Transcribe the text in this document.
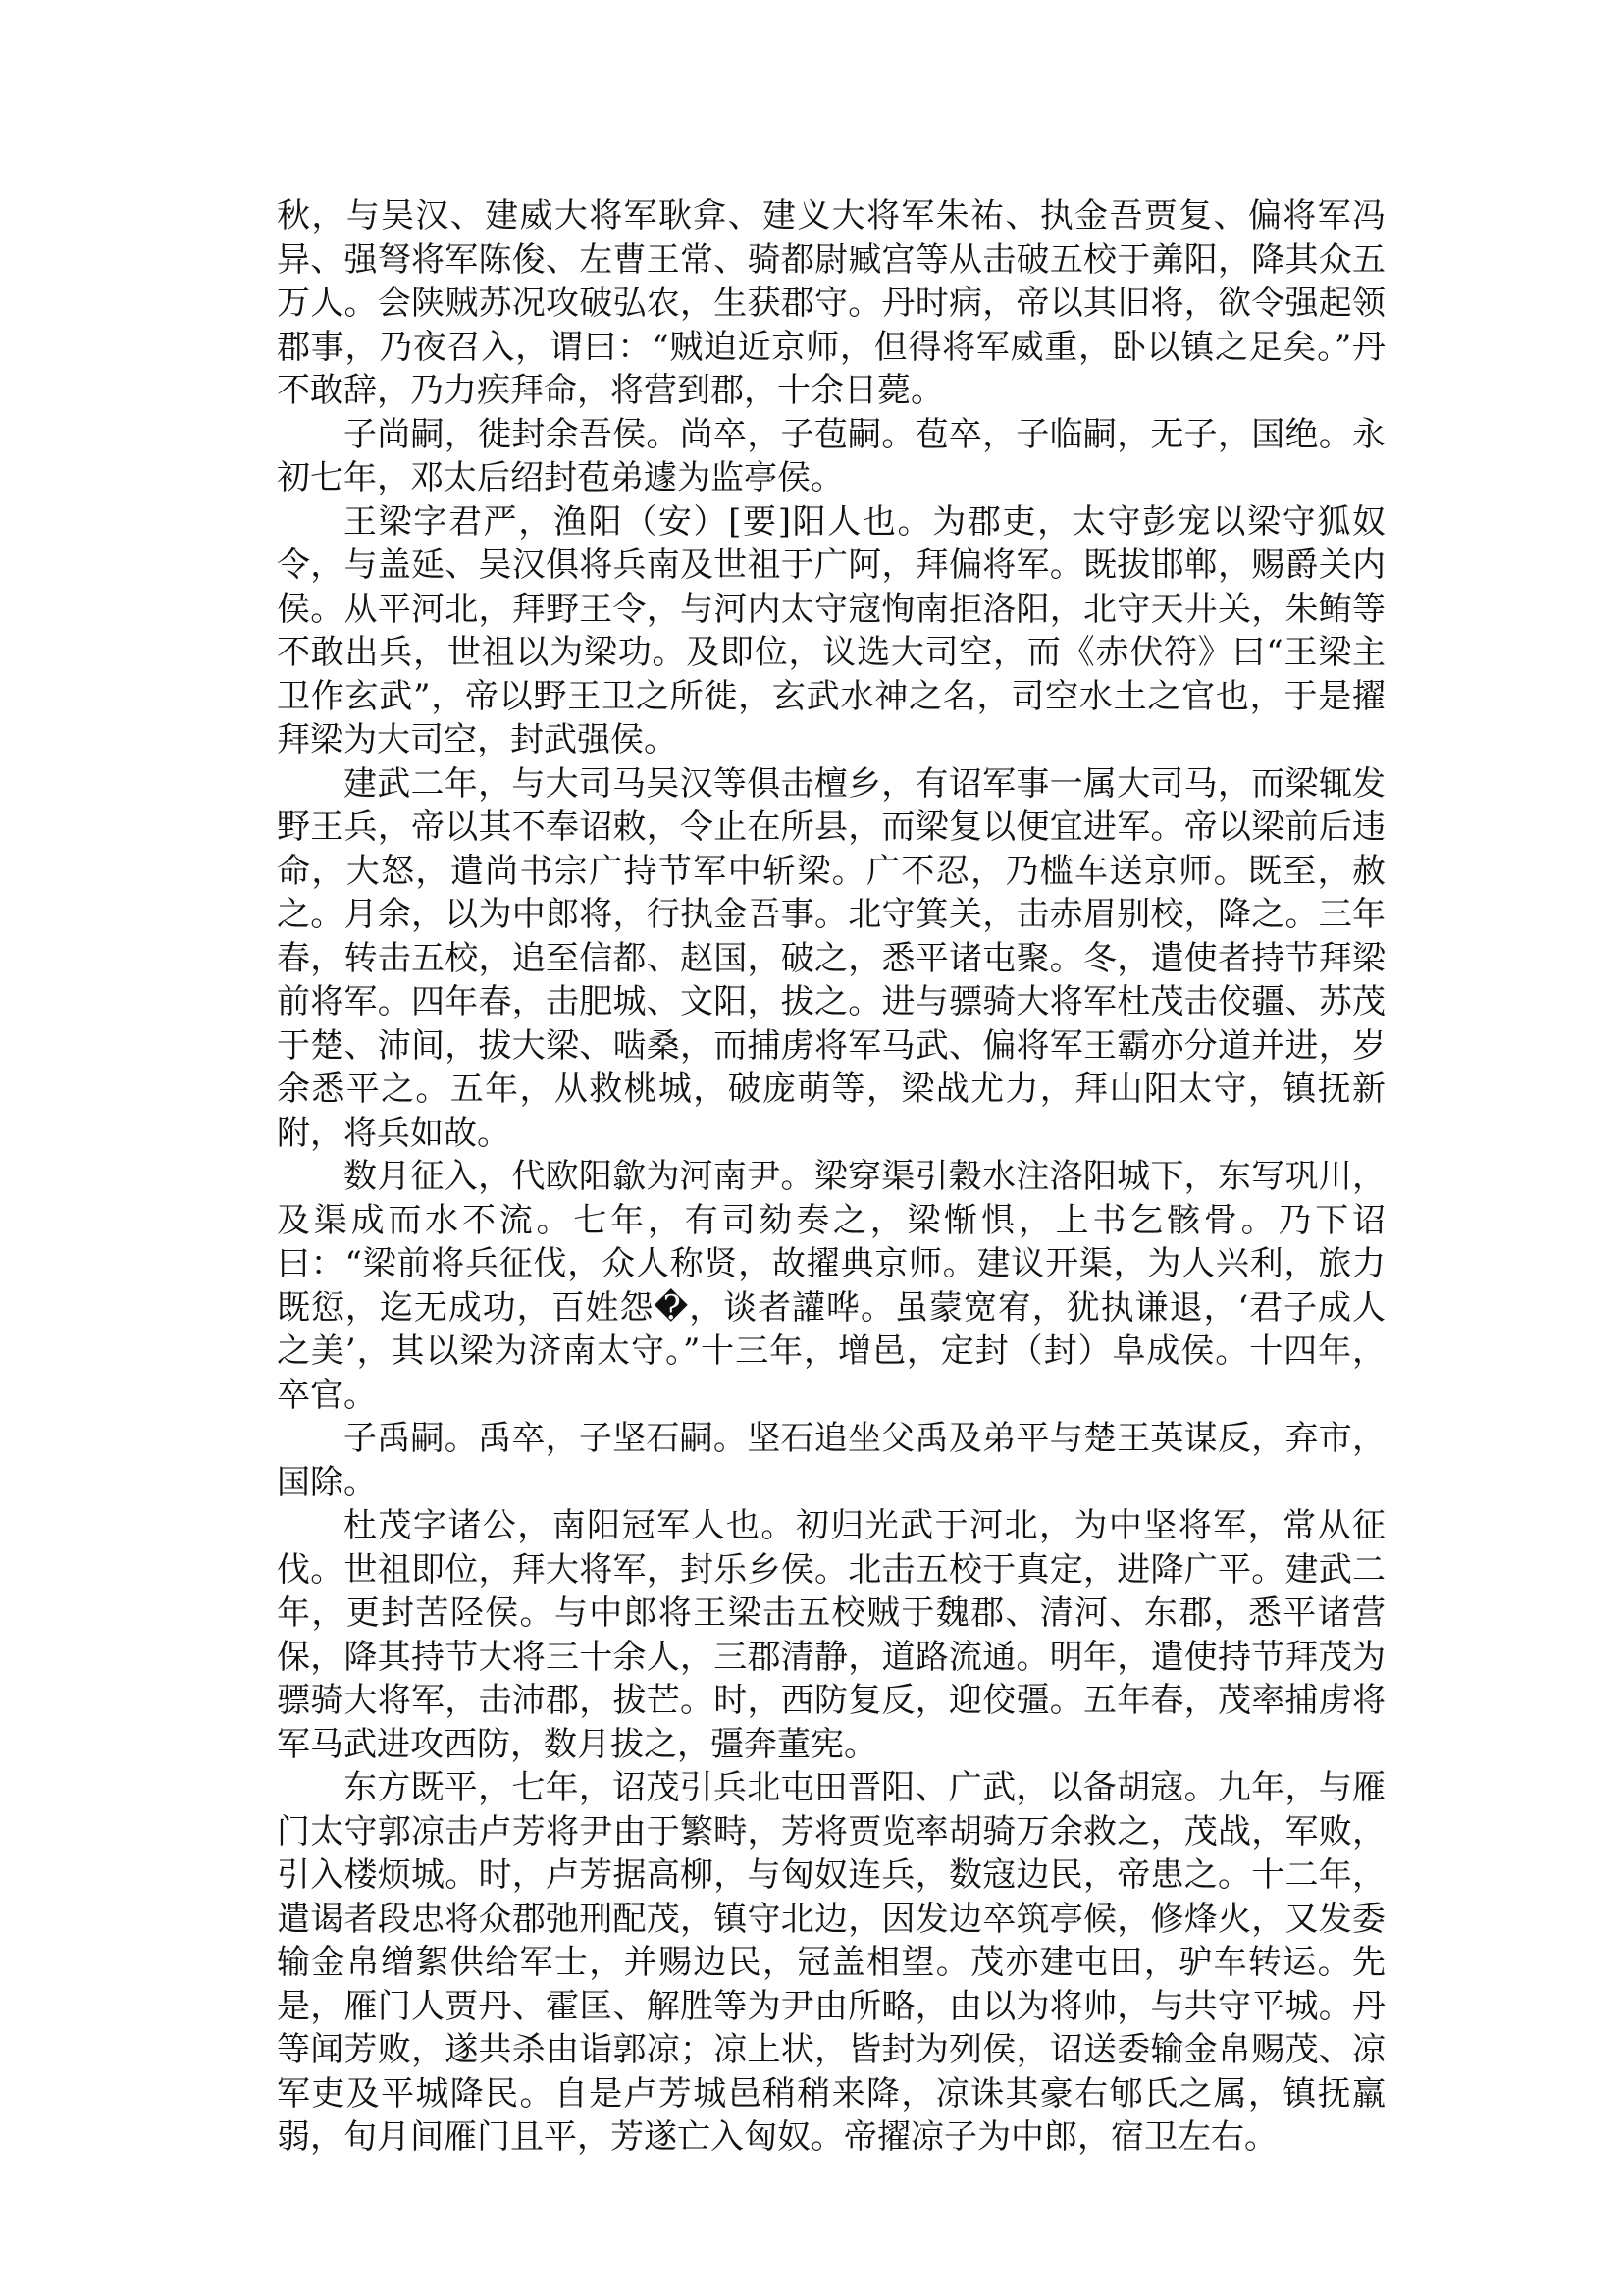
秋，与吴汉、建威大将军耿弇、建义大将军朱祐、执金吾贾复、偏将军冯异、强弩将军陈俊、左曹王常、骑都尉臧宫等从击破五校于羛阳，降其众五万人。会陕贼苏况攻破弘农，生获郡守。丹时病，帝以其旧将，欲令强起领郡事，乃夜召入，谓曰：“贼迫近京师，但得将军威重，卧以镇之足矣。”丹不敢辞，乃力疾拜命，将营到郡，十余日薨。

子尚嗣，徙封余吾侯。尚卒，子苞嗣。苞卒，子临嗣，无子，国绝。永初七年，邓太后绍封苞弟遽为监亭侯。

王梁字君严，渔阳（安）[要]阳人也。为郡吏，太守彭宠以梁守狐奴令，与盖延、吴汉俱将兵南及世祖于广阿，拜偏将军。既拔邯郸，赐爵关内侯。从平河北，拜野王令，与河内太守寇恂南拒洛阳，北守天井关，朱鲔等不敢出兵，世祖以为梁功。及即位，议选大司空，而《赤伏符》曰“王梁主卫作玄武”，帝以野王卫之所徙，玄武水神之名，司空水土之官也，于是擢拜梁为大司空，封武强侯。

建武二年，与大司马吴汉等俱击檀乡，有诏军事一属大司马，而梁辄发野王兵，帝以其不奉诏敕，令止在所县，而梁复以便宜进军。帝以梁前后违命，大怒，遣尚书宗广持节军中斩梁。广不忍，乃槛车送京师。既至，赦之。月余，以为中郎将，行执金吾事。北守箕关，击赤眉别校，降之。三年春，转击五校，追至信都、赵国，破之，悉平诸屯聚。冬，遣使者持节拜梁前将军。四年春，击肥城、文阳，拔之。进与骠骑大将军杜茂击佼疆、苏茂于楚、沛间，拔大梁、啮桑，而捕虏将军马武、偏将军王霸亦分道并进，岁余悉平之。五年，从救桃城，破庞萌等，梁战尤力，拜山阳太守，镇抚新附，将兵如故。

数月征入，代欧阳歙为河南尹。梁穿渠引穀水注洛阳城下，东写巩川，及渠成而水不流。七年，有司劾奏之，梁惭惧，上书乞骸骨。乃下诏曰：“梁前将兵征伐，众人称贤，故擢典京师。建议开渠，为人兴利，旅力既愆，迄无成功，百姓怨�，谈者讙哗。虽蒙宽宥，犹执谦退，‘君子成人之美’，其以梁为济南太守。”十三年，增邑，定封（封）阜成侯。十四年，卒官。

子禹嗣。禹卒，子坚石嗣。坚石追坐父禹及弟平与楚王英谋反，弃市，国除。

杜茂字诸公，南阳冠军人也。初归光武于河北，为中坚将军，常从征伐。世祖即位，拜大将军，封乐乡侯。北击五校于真定，进降广平。建武二年，更封苦陉侯。与中郎将王梁击五校贼于魏郡、清河、东郡，悉平诸营保，降其持节大将三十余人，三郡清静，道路流通。明年，遣使持节拜茂为骠骑大将军，击沛郡，拔芒。时，西防复反，迎佼彊。五年春，茂率捕虏将军马武进攻西防，数月拔之，彊奔董宪。

东方既平，七年，诏茂引兵北屯田晋阳、广武，以备胡寇。九年，与雁门太守郭凉击卢芳将尹由于繁畤，芳将贾览率胡骑万余救之，茂战，军败，引入楼烦城。时，卢芳据高柳，与匈奴连兵，数寇边民，帝患之。十二年，遣谒者段忠将众郡弛刑配茂，镇守北边，因发边卒筑亭候，修烽火，又发委输金帛缯絮供给军士，并赐边民，冠盖相望。茂亦建屯田，驴车转运。先是，雁门人贾丹、霍匡、解胜等为尹由所略，由以为将帅，与共守平城。丹等闻芳败，遂共杀由诣郭凉；凉上状，皆封为列侯，诏送委输金帛赐茂、凉军吏及平城降民。自是卢芳城邑稍稍来降，凉诛其豪右郇氏之属，镇抚羸弱，旬月间雁门且平，芳遂亡入匈奴。帝擢凉子为中郎，宿卫左右。
